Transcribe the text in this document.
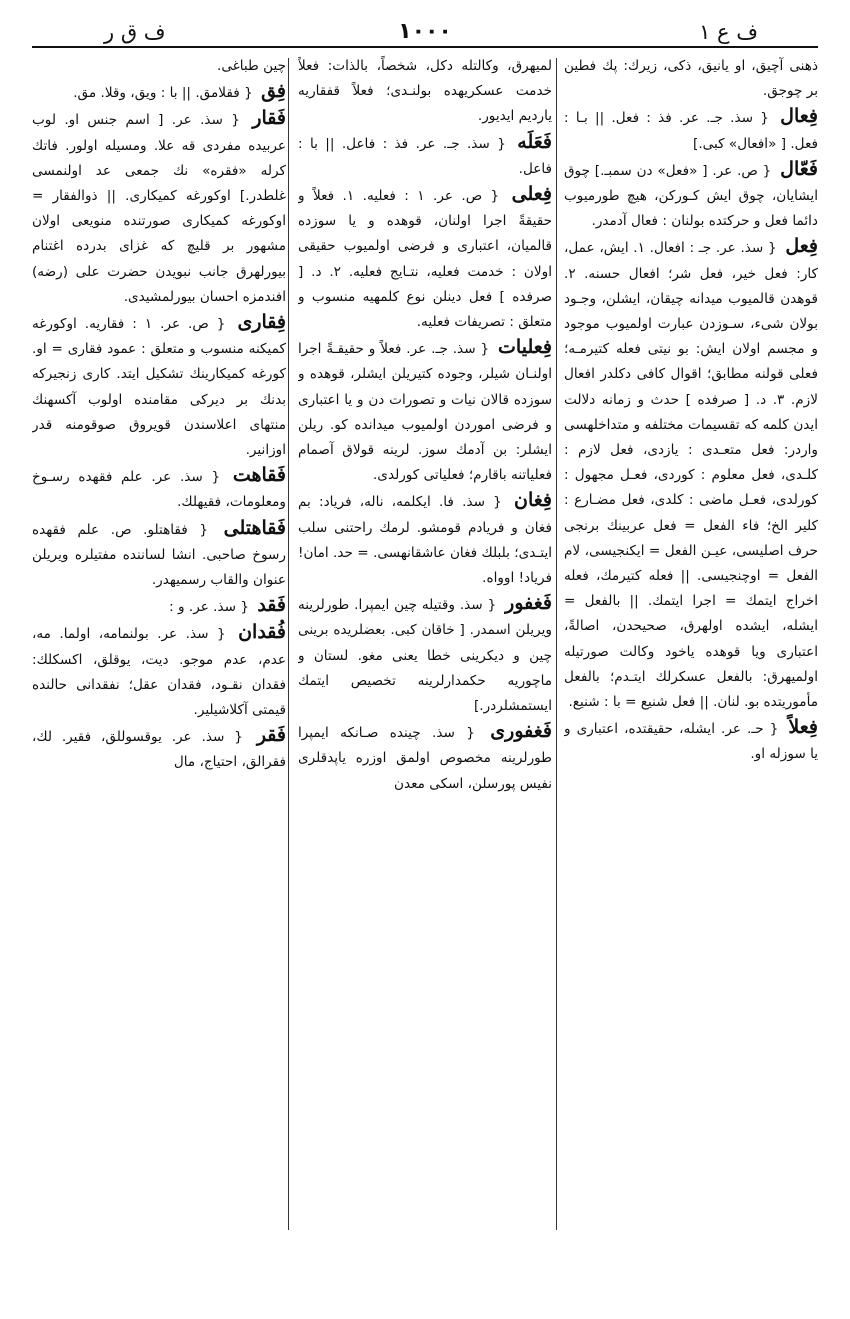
ف ع ۱
۱۰۰۰
ف ق ر

ذهنی آچیق، او یانیق، ذکی، زیرك: پك فطین بر چوجق.

فِعال { سذ. جـ. عر. فذ : فعل. || بـا : فعل. [ «افعال» كبی.]

فَعّال { ص. عر. [ «فعل» دن سمبـ.] چوق ایشایان، چوق ایش كـوركن، هیچ طورمیوب دائما فعل و حركتده بولنان : فعال آدمدر.

فِعل { سذ. عر. جـ : افعال. ۱. ایش، عمل، كار: فعل خیر، فعل شر؛ افعال حسنه. ۲. قوهدن قالمیوب میدانه چیقان، ایشلن، وجـود بولان شیء، سـوزدن عبارت اولمیوب موجود و مجسم اولان ایش: بو نیتی فعله كتیرمـه؛ فعلی قولنه مطابق؛ اقوال كافی دكلدر افعال لازم. ۳. د. [ صرفده ] حدث و زمانه دلالت ایدن كلمه كه تقسیمات مختلفه و متداخلهسی واردر: فعل متعـدی : یازدی، فعل لازم : كلـدی، فعل معلوم : كوردی، فعـل مجهول : كورلدی، فعـل ماضی : كلدی، فعل مضـارع : كلیر الخ؛ فاء الفعل = فعل عربینك برنجی حرف اصلیسی، عیـن الفعل = ایكنجیسی، لام الفعل = اوچنجیسی. || فعله كتیرمك، فعله اخراج ایتمك = اجرا ایتمك. || بالفعل = ایشله، ایشده اولهرق، صحیحدن، اصالةً، اعتباری ویا قوهده یاخود وكالت صورتیله اولمیهرق: بالفعل عسكرلك ایتـدم؛ بالفعل مأموریتده بو. لنان. || فعل شنیع = با : شنیع.

فِعلاً { حـ. عر. ایشله، حقیقتده، اعتباری و یا سوزله او.

لمیهرق، وكالتله دكل، شخصاً، بالذات: فعلاً خدمت عسكریهده بولنـدی؛ فعلاً قفقاریه یاردیم ایدیور.

فَعَلَه { سذ. جـ. عر. فذ : فاعل. || با : فاعل.

فِعلی { ص. عر. ۱ : فعلیه. ۱. فعلاً و حقیقةً اجرا اولنان، قوهده و یا سوزده قالمیان، اعتباری و فرضی اولمیوب حقیقی اولان : خدمت فعلیه، نتـایج فعلیه. ۲. د. [ صرفده ] فعل دینلن نوع كلمهیه منسوب و متعلق : تصریفات فعلیه.

فِعلیات { سذ. جـ. عر. فعلاً و حقیقـةً اجرا اولنـان شیلر، وجوده كتیریلن ایشلر، قوهده و سوزده قالان نیات و تصورات دن و یا اعتباری و فرضی اموردن اولمیوب میدانده كو. ریلن ایشلر: بن آدمك سوز. لرینه قولاق آصمام فعلیاتنه باقارم؛ فعلیاتی كورلدی.

فِغان { سذ. فا. ایكلمه، ناله، فریاد: بم فغان و فریادم قومشو. لرمك راحتنی سلب ایتـدی؛ بلبلك فغان عاشقانهسی. = حد. امان! فریاد! اوواه.

فَغفور { سذ. وقتیله چین ایمپرا. طورلرینه ویریلن اسمدر. [ خاقان كبی. بعضلریده برینی چین و دیكرینی خطا یعنی مغو. لستان و ماچوریه حكمدارلرینه تخصیص ایتمك ایستمشلردر.]

فَغفوری { سذ. چینده صـانكه ایمپرا طورلرینه مخصوص اولمق اوزره یاپدقلری نفیس پورسلن، اسكی معدن

چین طباغی.

فِق { فقلامق. || با : ویق، وقلا. مق.

فَقار { سذ. عر. [ اسم جنس او. لوب عربیده مفردی قه علا. ومسیله اولور. فاتك كرله «فقره» نك جمعی عد اولنمسی غلطدر.] اوكورغه كمیكاری. || ذوالفقار = اوكورغه كمیكاری صورتنده منویعی اولان مشهور بر قلیچ كه غزای بدرده اغتنام بیورلهرق جانب نبویدن حضرت علی (رضه) افندمزه احسان بیورلمشیدی.

فِقاری { ص. عر. ۱ : فقاریه. اوكورغه كمیكنه منسوب و متعلق : عمود فقاری = او. كورغه كمیكارینك تشكیل ایتد. كاری زنجیركه بدنك بر دیركی مقامنده اولوب آكسهنك منتهای اعلاسندن قویروق صوقومنه قدر اوزانیر.

فَقاهت { سذ. عر. علم فقهده رسـوخ ومعلومات، فقیهلك.

فَقاهتلی { فقاهتلو. ص. علم فقهده رسوخ صاحبی. انشا لساننده مفتیلره ویریلن عنوان والقاب رسمیهدر.

فَقد { سذ. عر. و :

فُقدان { سذ. عر. بولنمامه، اولما. مه، عدم، عدم موجو. دیت، یوقلق، اكسكلك: فقدان نقـود، فقدان عقل؛ نفقدانی حالنده قیمتی آكلاشیلیر.

فَقر { سذ. عر. یوقسوللق، فقیر. لك، فقرالق، احتیاج، مال
